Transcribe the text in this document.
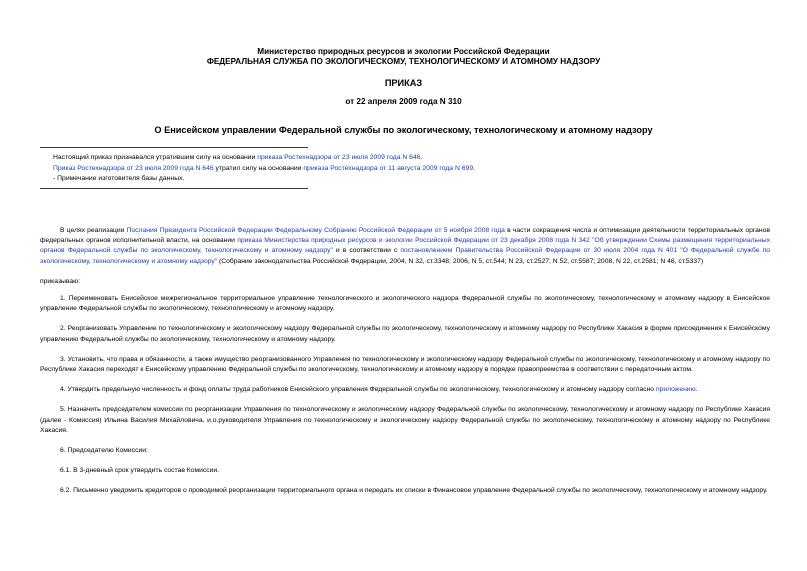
Министерство природных ресурсов и экологии Российской Федерации
ФЕДЕРАЛЬНАЯ СЛУЖБА ПО ЭКОЛОГИЧЕСКОМУ, ТЕХНОЛОГИЧЕСКОМУ И АТОМНОМУ НАДЗОРУ
ПРИКАЗ
от 22 апреля 2009 года N 310
О Енисейском управлении Федеральной службы по экологическому, технологическому и атомному надзору
Настоящий приказ признавался утратившим силу на основании приказа Ростехнадзора от 23 июля 2009 года N 646.
Приказ Ростехнадзора от 23 июля 2009 года N 646 утратил силу на основании приказа Ростехнадзора от 11 августа 2009 года N 699.
- Примечание изготовителя базы данных.

В целях реализации Послания Президента Российской Федерации Федеральному Собранию Российской Федерации от 5 ноября 2008 года в части сокращения числа и оптимизации деятельности территориальных органов федеральных органов исполнительной власти, на основании приказа Министерства природных ресурсов и экологии Российской Федерации от 23 декабря 2008 года N 342 "Об утверждении Схемы размещения территориальных органов Федеральной службы по экологическому, технологическому и атомному надзору" и в соответствии с постановлением Правительства Российской Федерации от 30 июля 2004 года N 401 "О Федеральной службе по экологическому, технологическому и атомному надзору" (Собрание законодательства Российской Федерации, 2004, N 32, ст.3348; 2006, N 5, ст.544; N 23, ст.2527; N 52, ст.5587; 2008, N 22, ст.2581; N 46, ст.5337)

приказываю:

1. Переименовать Енисейское межрегиональное территориальное управление технологического и экологического надзора Федеральной службы по экологическому, технологическому и атомному надзору в Енисейское управление Федеральной службы по экологическому, технологическому и атомному надзору.

2. Реорганизовать Управление по технологическому и экологическому надзору Федеральной службы по экологическому, технологическому и атомному надзору по Республике Хакасия в форме присоединения к Енисейскому управлению Федеральной службы по экологическому, технологическому и атомному надзору.

3. Установить, что права и обязанности, а также имущество реорганизованного Управления по технологическому и экологическому надзору Федеральной службы по экологическому, технологическому и атомному надзору по Республике Хакасия переходят к Енисейскому управлению Федеральной службы по экологическому, технологическому и атомному надзору в порядке правопреемства в соответствии с передаточным актом.

4. Утвердить предельную численность и фонд оплаты труда работников Енисейского управления Федеральной службы по экологическому, технологическому и атомному надзору согласно приложению.

5. Назначить председателем комиссии по реорганизации Управления по технологическому и экологическому надзору Федеральной службы по экологическому, технологическому и атомному надзору по Республике Хакасия (далее - Комиссия) Ильина Василия Михайловича, и.о.руководителя Управления по технологическому и экологическому надзору Федеральной службы по экологическому, технологическому и атомному надзору по Республике Хакасия.

6. Председателю Комиссии:

6.1. В 3-дневный срок утвердить состав Комиссии.

6.2. Письменно уведомить кредиторов о проводимой реорганизации территориального органа и передать их списки в Финансовое управление Федеральной службы по экологическому, технологическому и атомному надзору.
